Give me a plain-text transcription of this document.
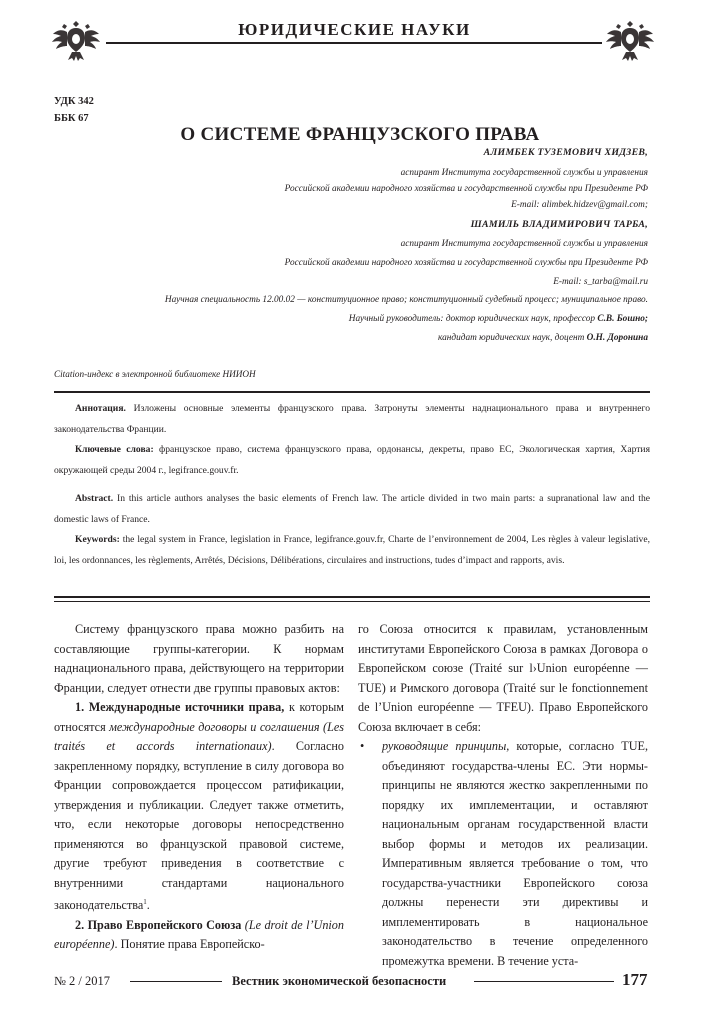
ЮРИДИЧЕСКИЕ НАУКИ
УДК 342
ББК 67
О СИСТЕМЕ ФРАНЦУЗСКОГО ПРАВА
АЛИМБЕК ТУЗЕМОВИЧ ХИДЗЕВ,
аспирант Института государственной службы и управления
Российской академии народного хозяйства и государственной службы при Президенте РФ
E-mail: alimbek.hidzev@gmail.com;
ШАМИЛЬ ВЛАДИМИРОВИЧ ТАРБА,
аспирант Института государственной службы и управления
Российской академии народного хозяйства и государственной службы при Президенте РФ
E-mail: s_tarba@mail.ru
Научная специальность 12.00.02 — конституционное право; конституционный судебный процесс; муниципальное право.
Научный руководитель: доктор юридических наук, профессор С.В. Бошно;
кандидат юридических наук, доцент О.Н. Доронина
Citation-индекс в электронной библиотеке НИИОН

Аннотация. Изложены основные элементы французского права. Затронуты элементы наднационального права и внутреннего законодательства Франции.

Ключевые слова: французское право, система французского права, ордонансы, декреты, право ЕС, Экологическая хартия, Хартия окружающей среды 2004 г., legifrance.gouv.fr.

Abstract. In this article authors analyses the basic elements of French law. The article divided in two main parts: a supranational law and the domestic laws of France.

Keywords: the legal system in France, legislation in France, legifrance.gouv.fr, Charte de l’environnement de 2004, Les règles à valeur legislative, loi, les ordonnances, les règlements, Arrêtés, Décisions, Délibérations, circulaires and instructions, tudes d’impact and rapports, avis.

Систему французского права можно разбить на составляющие группы-категории. К нормам наднационального права, действующего на территории Франции, следует отнести две группы правовых актов:

1. Международные источники права, к которым относятся международные договоры и соглашения (Les traités et accords internationaux). Согласно закрепленному порядку, вступление в силу договора во Франции сопровождается процессом ратификации, утверждения и публикации. Следует также отметить, что, если некоторые договоры непосредственно применяются во французской правовой системе, другие требуют приведения в соответствие с внутренними стандартами национального законодательства$^1$.

2. Право Европейского Союза (Le droit de l’Union européenne). Понятие права Европейско-

го Союза относится к правилам, установленным институтами Европейского Союза в рамках Договора о Европейском союзе (Traité sur l›Union européenne — TUE) и Римского договора (Traité sur le fonctionnement de l’Union européenne — TFEU). Право Европейского Союза включает в себя:

• руководящие принципы, которые, согласно TUE, объединяют государства-члены ЕС. Эти нормы-принципы не являются жестко закрепленными по порядку их имплементации, и оставляют национальным органам государственной власти выбор формы и методов их реализации. Императивным является требование о том, что государства-участники Европейского союза должны перенести эти директивы и имплементировать в национальное законодательство в течение определенного промежутка времени. В течение уста-

№ 2 / 2017	Вестник экономической безопасности	177
